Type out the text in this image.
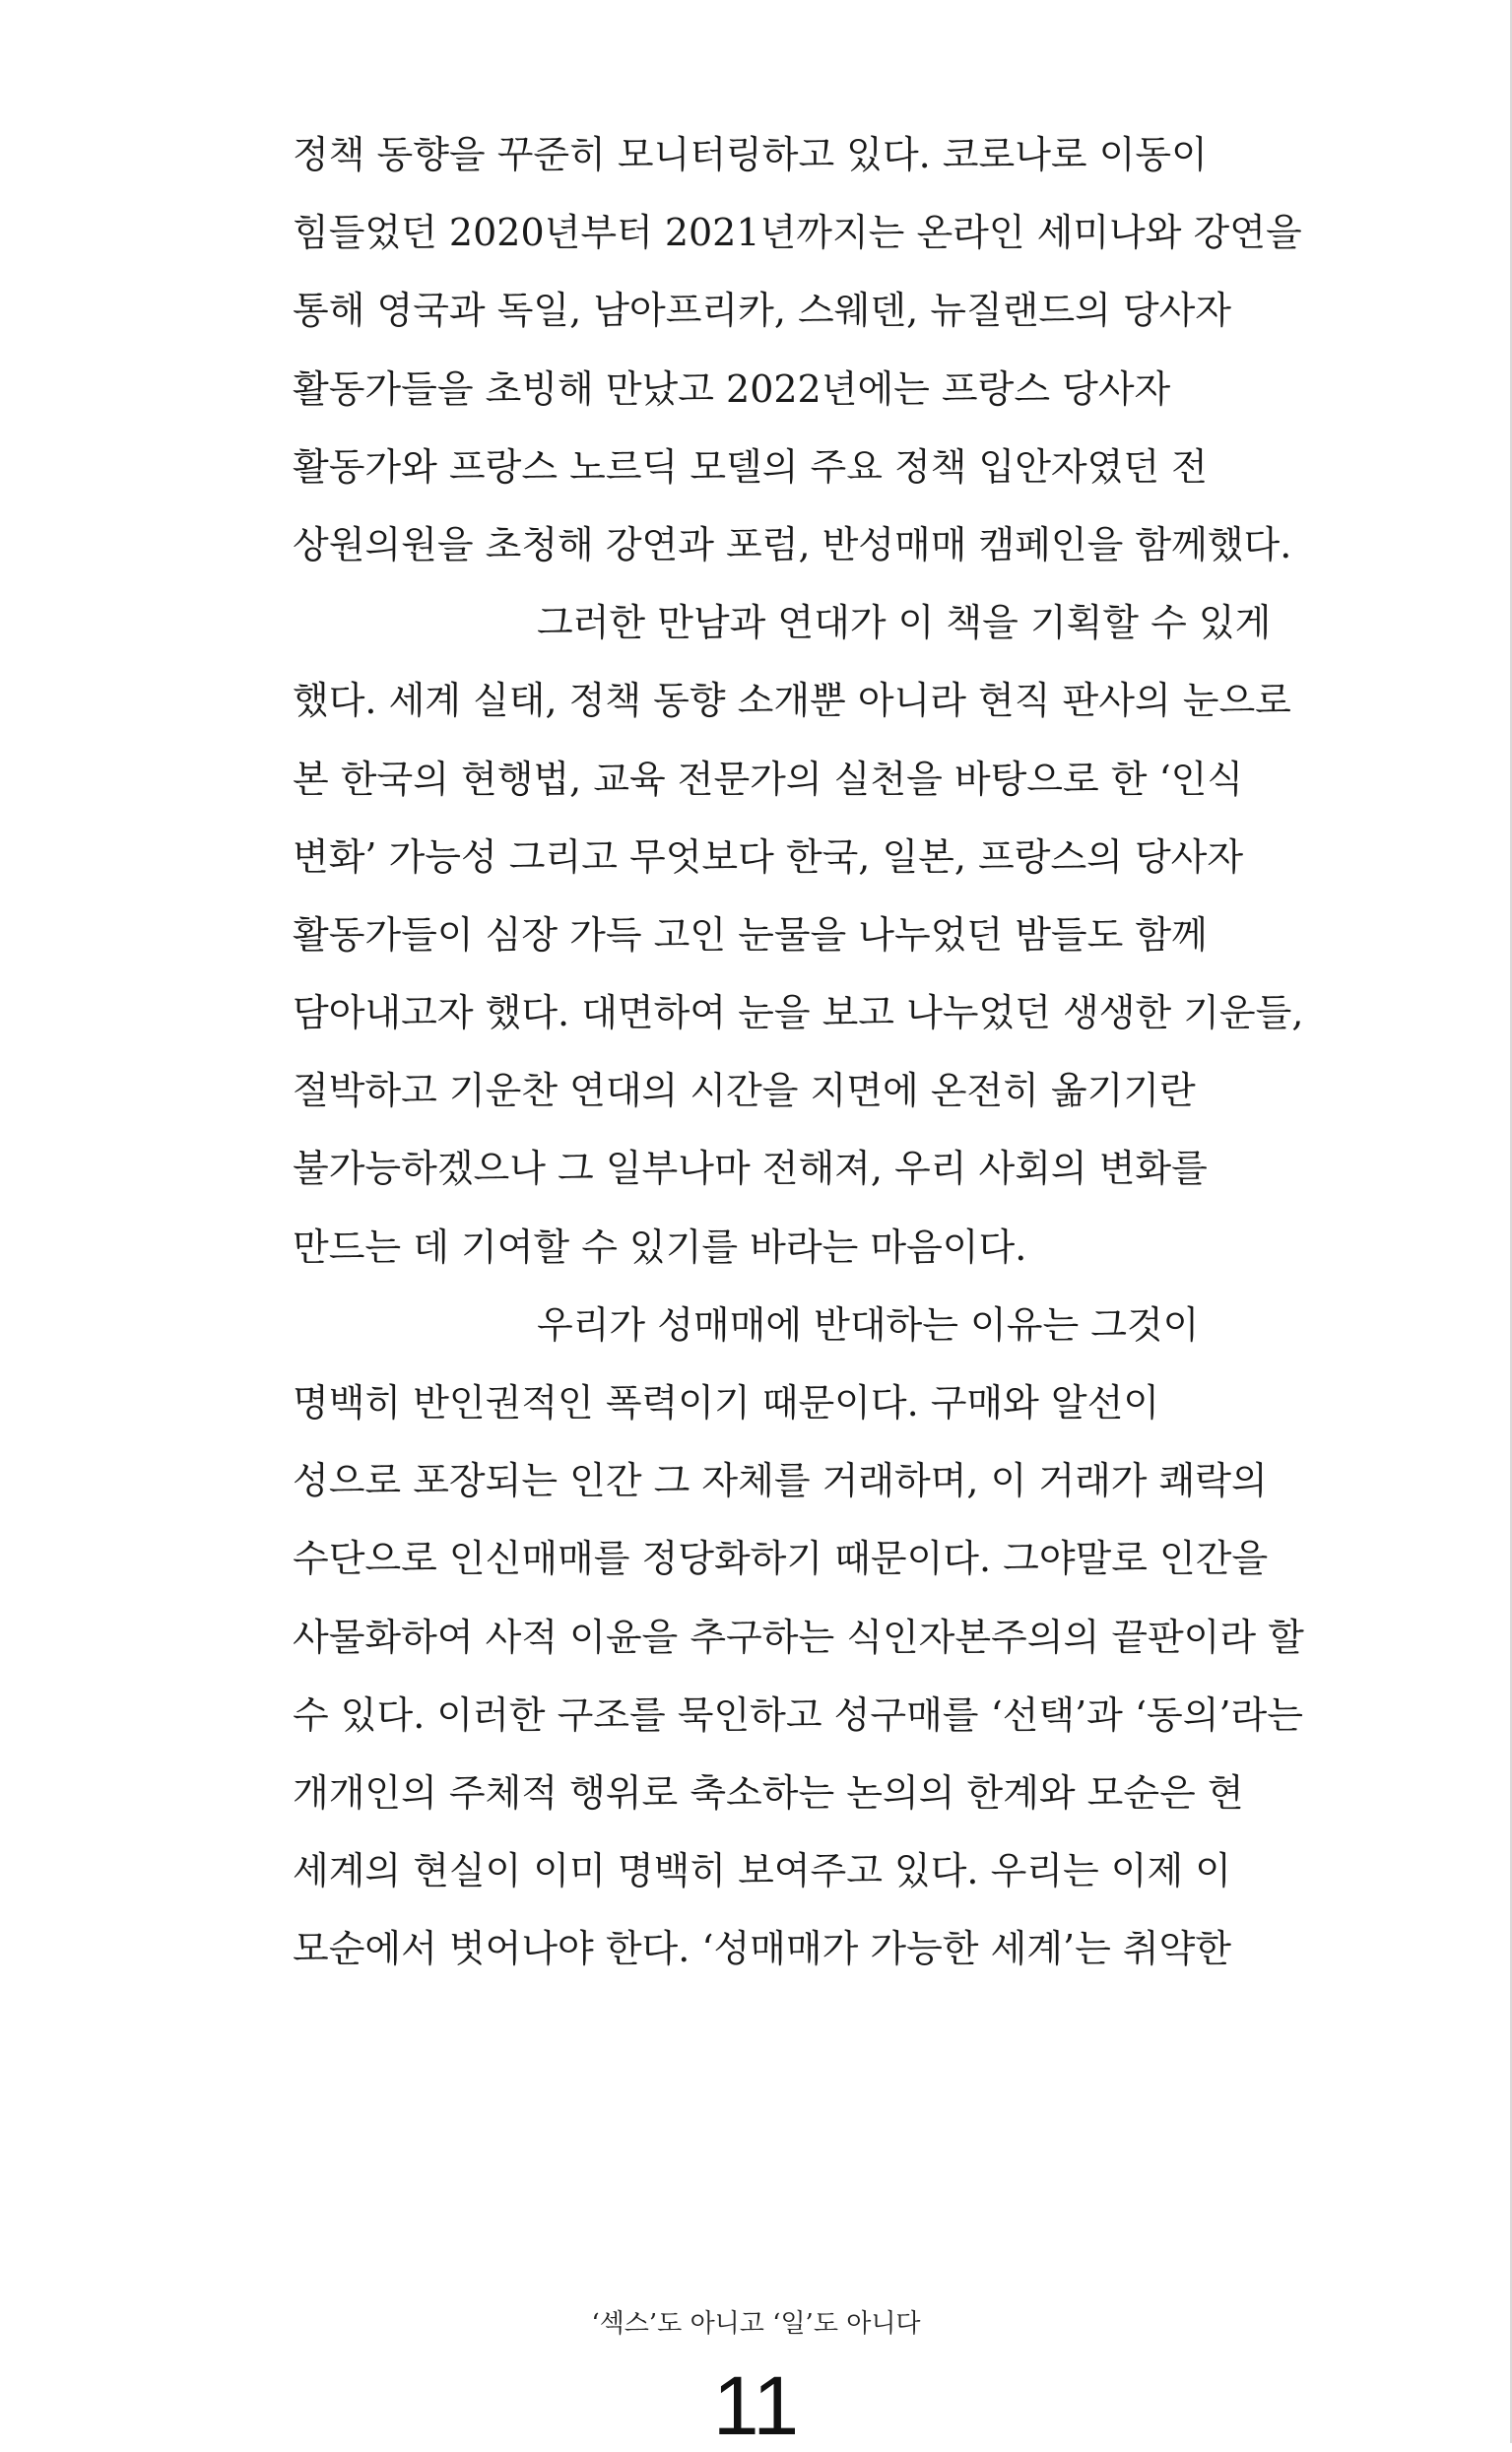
정책 동향을 꾸준히 모니터링하고 있다. 코로나로 이동이
힘들었던 2020년부터 2021년까지는 온라인 세미나와 강연을
통해 영국과 독일, 남아프리카, 스웨덴, 뉴질랜드의 당사자
활동가들을 초빙해 만났고 2022년에는 프랑스 당사자
활동가와 프랑스 노르딕 모델의 주요 정책 입안자였던 전
상원의원을 초청해 강연과 포럼, 반성매매 캠페인을 함께했다.
그러한 만남과 연대가 이 책을 기획할 수 있게
했다. 세계 실태, 정책 동향 소개뿐 아니라 현직 판사의 눈으로
본 한국의 현행법, 교육 전문가의 실천을 바탕으로 한 ‘인식
변화’ 가능성 그리고 무엇보다 한국, 일본, 프랑스의 당사자
활동가들이 심장 가득 고인 눈물을 나누었던 밤들도 함께
담아내고자 했다. 대면하여 눈을 보고 나누었던 생생한 기운들,
절박하고 기운찬 연대의 시간을 지면에 온전히 옮기기란
불가능하겠으나 그 일부나마 전해져, 우리 사회의 변화를
만드는 데 기여할 수 있기를 바라는 마음이다.
우리가 성매매에 반대하는 이유는 그것이
명백히 반인권적인 폭력이기 때문이다. 구매와 알선이
성으로 포장되는 인간 그 자체를 거래하며, 이 거래가 쾌락의
수단으로 인신매매를 정당화하기 때문이다. 그야말로 인간을
사물화하여 사적 이윤을 추구하는 식인자본주의의 끝판이라 할
수 있다. 이러한 구조를 묵인하고 성구매를 ‘선택’과 ‘동의’라는
개개인의 주체적 행위로 축소하는 논의의 한계와 모순은 현
세계의 현실이 이미 명백히 보여주고 있다. 우리는 이제 이
모순에서 벗어나야 한다. ‘성매매가 가능한 세계’는 취약한
‘섹스’도 아니고 ‘일’도 아니다
11
